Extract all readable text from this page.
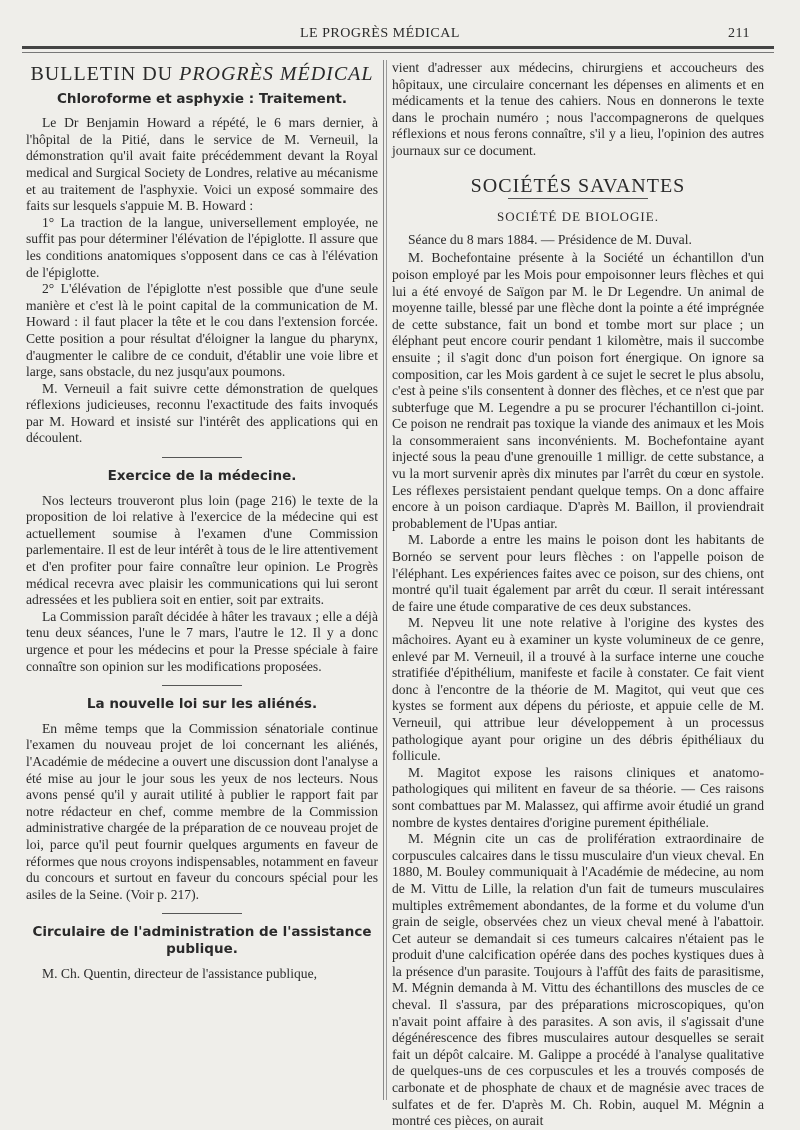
LE PROGRÈS MÉDICAL	211
BULLETIN DU PROGRÈS MÉDICAL
Chloroforme et asphyxie : Traitement.

Le Dr Benjamin Howard a répété, le 6 mars dernier, à l'hôpital de la Pitié, dans le service de M. Verneuil, la démonstration qu'il avait faite précédemment devant la Royal medical and Surgical Society de Londres, relative au mécanisme et au traitement de l'asphyxie. Voici un exposé sommaire des faits sur lesquels s'appuie M. B. Howard :

1° La traction de la langue, universellement employée, ne suffit pas pour déterminer l'élévation de l'épiglotte. Il assure que les conditions anatomiques s'opposent dans ce cas à l'élévation de l'épiglotte.

2° L'élévation de l'épiglotte n'est possible que d'une seule manière et c'est là le point capital de la communication de M. Howard : il faut placer la tête et le cou dans l'extension forcée. Cette position a pour résultat d'éloigner la langue du pharynx, d'augmenter le calibre de ce conduit, d'établir une voie libre et large, sans obstacle, du nez jusqu'aux poumons.

M. Verneuil a fait suivre cette démonstration de quelques réflexions judicieuses, reconnu l'exactitude des faits invoqués par M. Howard et insisté sur l'intérêt des applications qui en découlent.

Exercice de la médecine.

Nos lecteurs trouveront plus loin (page 216) le texte de la proposition de loi relative à l'exercice de la médecine qui est actuellement soumise à l'examen d'une Commission parlementaire. Il est de leur intérêt à tous de le lire attentivement et d'en profiter pour faire connaître leur opinion. Le Progrès médical recevra avec plaisir les communications qui lui seront adressées et les publiera soit en entier, soit par extraits.

La Commission paraît décidée à hâter les travaux ; elle a déjà tenu deux séances, l'une le 7 mars, l'autre le 12. Il y a donc urgence et pour les médecins et pour la Presse spéciale à faire connaître son opinion sur les modifications proposées.

La nouvelle loi sur les aliénés.

En même temps que la Commission sénatoriale continue l'examen du nouveau projet de loi concernant les aliénés, l'Académie de médecine a ouvert une discussion dont l'analyse a été mise au jour le jour sous les yeux de nos lecteurs. Nous avons pensé qu'il y aurait utilité à publier le rapport fait par notre rédacteur en chef, comme membre de la Commission administrative chargée de la préparation de ce nouveau projet de loi, parce qu'il peut fournir quelques arguments en faveur de réformes que nous croyons indispensables, notamment en faveur du concours et surtout en faveur du concours spécial pour les asiles de la Seine. (Voir p. 217).

Circulaire de l'administration de l'assistance publique.

M. Ch. Quentin, directeur de l'assistance publique,

vient d'adresser aux médecins, chirurgiens et accoucheurs des hôpitaux, une circulaire concernant les dépenses en aliments et en médicaments et la tenue des cahiers. Nous en donnerons le texte dans le prochain numéro ; nous l'accompagnerons de quelques réflexions et nous ferons connaître, s'il y a lieu, l'opinion des autres journaux sur ce document.

SOCIÉTÉS SAVANTES
SOCIÉTÉ DE BIOLOGIE.

Séance du 8 mars 1884. — Présidence de M. Duval.

M. Bochefontaine présente à la Société un échantillon d'un poison employé par les Mois pour empoisonner leurs flèches et qui lui a été envoyé de Saïgon par M. le Dr Legendre. Un animal de moyenne taille, blessé par une flèche dont la pointe a été imprégnée de cette substance, fait un bond et tombe mort sur place ; un éléphant peut encore courir pendant 1 kilomètre, mais il succombe ensuite ; il s'agit donc d'un poison fort énergique. On ignore sa composition, car les Mois gardent à ce sujet le secret le plus absolu, c'est à peine s'ils consentent à donner des flèches, et ce n'est que par subterfuge que M. Legendre a pu se procurer l'échantillon ci-joint. Ce poison ne rendrait pas toxique la viande des animaux et les Mois la consommeraient sans inconvénients. M. Bochefontaine ayant injecté sous la peau d'une grenouille 1 milligr. de cette substance, a vu la mort survenir après dix minutes par l'arrêt du cœur en systole. Les réflexes persistaient pendant quelque temps. On a donc affaire encore à un poison cardiaque. D'après M. Baillon, il proviendrait probablement de l'Upas antiar.

M. Laborde a entre les mains le poison dont les habitants de Bornéo se servent pour leurs flèches : on l'appelle poison de l'éléphant. Les expériences faites avec ce poison, sur des chiens, ont montré qu'il tuait également par arrêt du cœur. Il serait intéressant de faire une étude comparative de ces deux substances.

M. Nepveu lit une note relative à l'origine des kystes des mâchoires. Ayant eu à examiner un kyste volumineux de ce genre, enlevé par M. Verneuil, il a trouvé à la surface interne une couche stratifiée d'épithélium, manifeste et facile à constater. Ce fait vient donc à l'encontre de la théorie de M. Magitot, qui veut que ces kystes se forment aux dépens du périoste, et appuie celle de M. Verneuil, qui attribue leur développement à un processus pathologique ayant pour origine un des débris épithéliaux du follicule.

M. Magitot expose les raisons cliniques et anatomo-pathologiques qui militent en faveur de sa théorie. — Ces raisons sont combattues par M. Malassez, qui affirme avoir étudié un grand nombre de kystes dentaires d'origine purement épithéliale.

M. Mégnin cite un cas de prolifération extraordinaire de corpuscules calcaires dans le tissu musculaire d'un vieux cheval. En 1880, M. Bouley communiquait à l'Académie de médecine, au nom de M. Vittu de Lille, la relation d'un fait de tumeurs musculaires multiples extrêmement abondantes, de la forme et du volume d'un grain de seigle, observées chez un vieux cheval mené à l'abattoir. Cet auteur se demandait si ces tumeurs calcaires n'étaient pas le produit d'une calcification opérée dans des poches kystiques dues à la présence d'un parasite. Toujours à l'affût des faits de parasitisme, M. Mégnin demanda à M. Vittu des échantillons des muscles de ce cheval. Il s'assura, par des préparations microscopiques, qu'on n'avait point affaire à des parasites. A son avis, il s'agissait d'une dégénérescence des fibres musculaires autour desquelles se serait fait un dépôt calcaire. M. Galippe a procédé à l'analyse qualitative de quelques-uns de ces corpuscules et les a trouvés composés de carbonate et de phosphate de chaux et de magnésie avec traces de sulfates et de fer. D'après M. Ch. Robin, auquel M. Mégnin a montré ces pièces, on aurait
